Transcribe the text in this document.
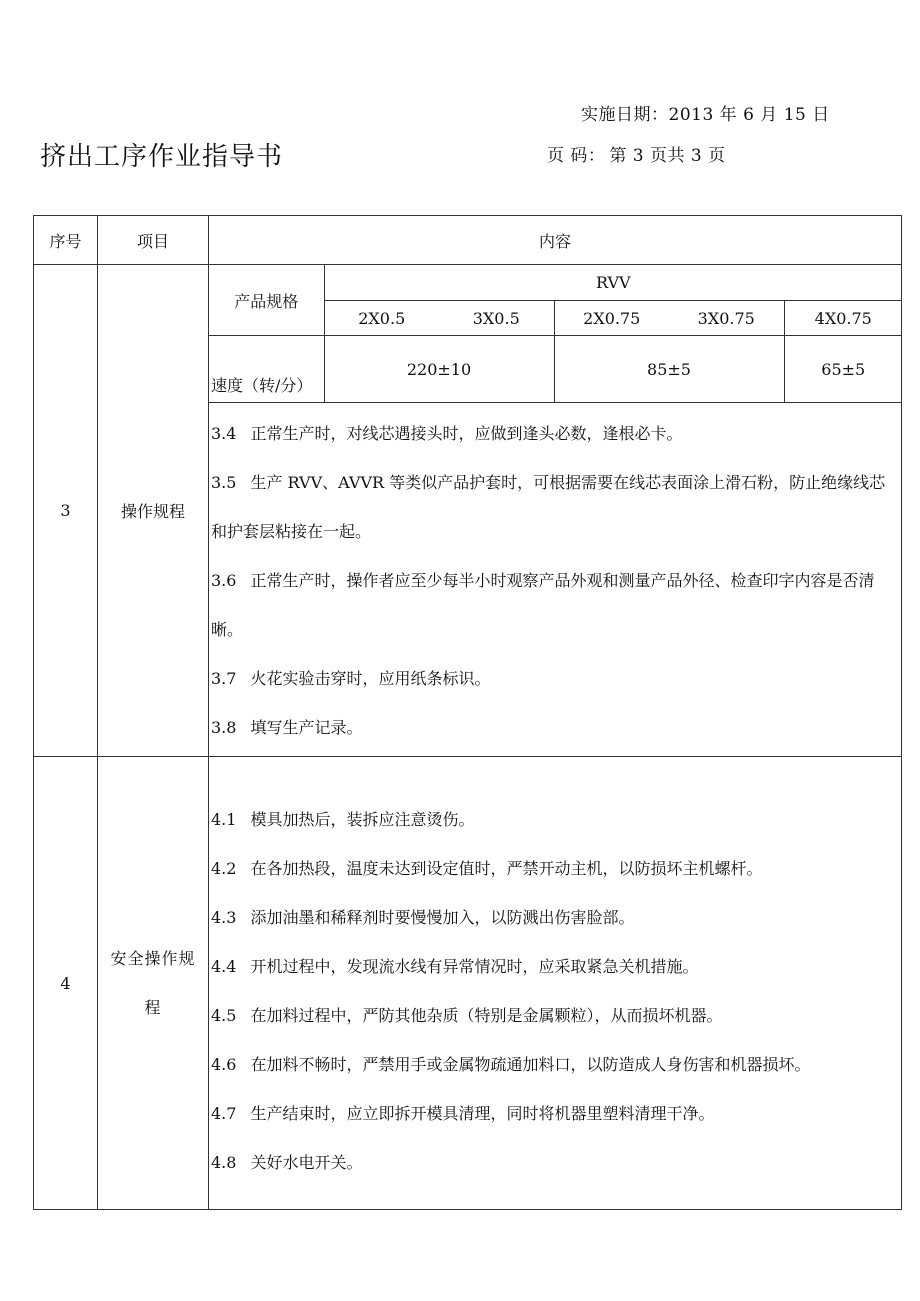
实施日期：2013 年 6 月 15 日
挤出工序作业指导书	页 码： 第 3 页共 3 页
序号	项目	内容
3	操作规程	
产品规格	RVV

2X0.5	3X0.5	2X0.75	3X0.75	4X0.75
速度（转/分）	220±10	85±5	65±5

3.4 正常生产时，对线芯遇接头时，应做到逢头必数，逢根必卡。

3.5 生产 RVV、AVVR 等类似产品护套时，可根据需要在线芯表面涂上滑石粉，防止绝缘线芯和护套层粘接在一起。

3.6 正常生产时，操作者应至少每半小时观察产品外观和测量产品外径、检查印字内容是否清晰。

3.7 火花实验击穿时，应用纸条标识。

3.8 填写生产记录。

4	安全操作规程	

4.1 模具加热后，装拆应注意烫伤。

4.2 在各加热段，温度未达到设定值时，严禁开动主机，以防损坏主机螺杆。

4.3 添加油墨和稀释剂时要慢慢加入，以防溅出伤害脸部。

4.4 开机过程中，发现流水线有异常情况时，应采取紧急关机措施。

4.5 在加料过程中，严防其他杂质（特别是金属颗粒），从而损坏机器。

4.6 在加料不畅时，严禁用手或金属物疏通加料口，以防造成人身伤害和机器损坏。

4.7 生产结束时，应立即拆开模具清理，同时将机器里塑料清理干净。

4.8 关好水电开关。
